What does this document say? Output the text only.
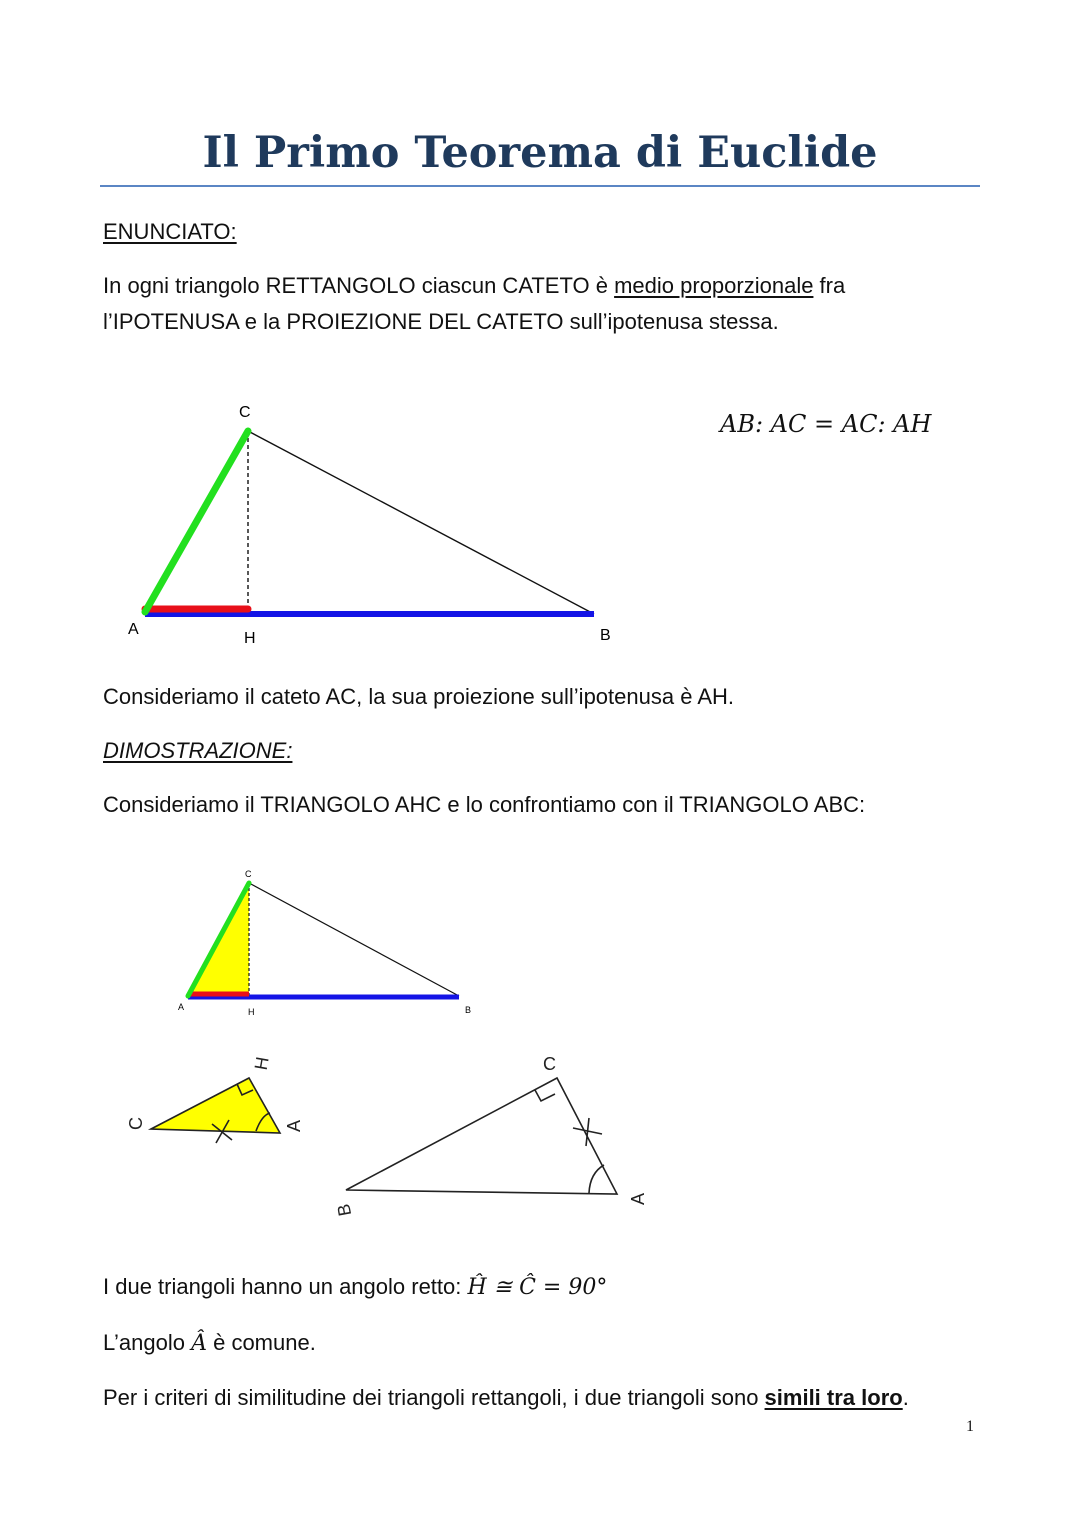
Il Primo Teorema di Euclide

ENUNCIATO:

In ogni triangolo RETTANGOLO ciascun CATETO è medio proporzionale fra

l’IPOTENUSA e la PROIEZIONE DEL CATETO sull’ipotenusa stessa.

AB: AC = AC: AH
C
A
H	B
C
A	H	B
C
H
A
C
B
A

Consideriamo il cateto AC, la sua proiezione sull’ipotenusa è AH.

DIMOSTRAZIONE:

Consideriamo il TRIANGOLO AHC e lo confrontiamo con il TRIANGOLO ABC:

I due triangoli hanno un angolo retto: Ĥ ≅ Ĉ = 90°

L’angolo Â è comune.

Per i criteri di similitudine dei triangoli rettangoli, i due triangoli sono simili tra loro.

1
